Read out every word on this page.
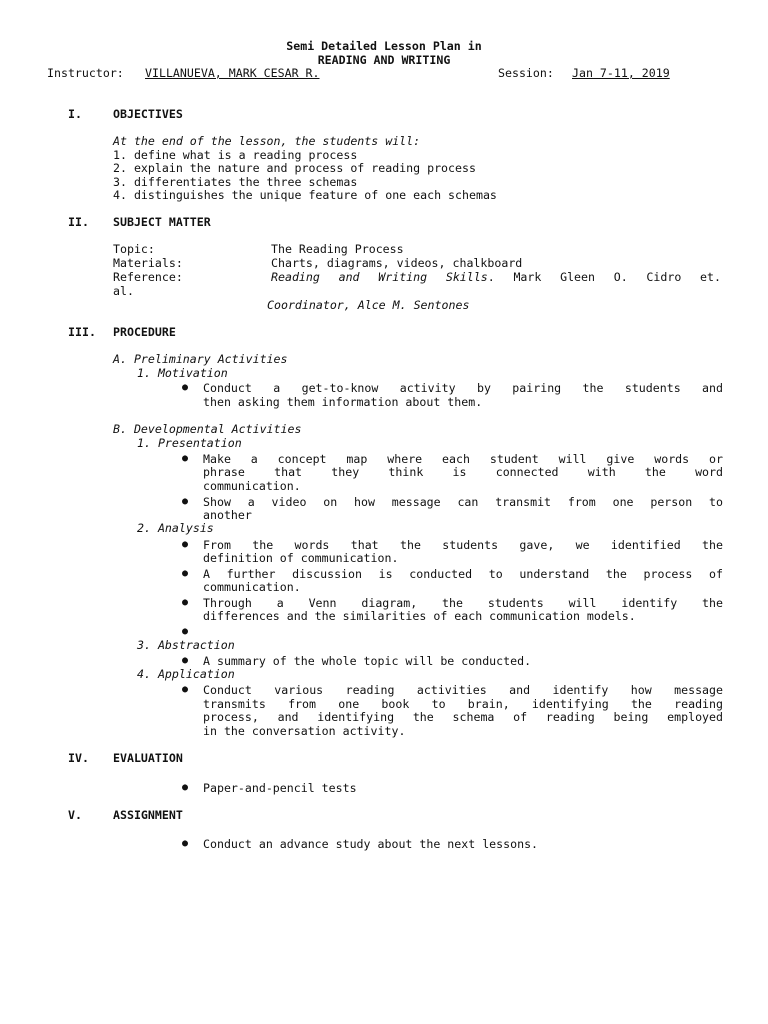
Semi Detailed Lesson Plan in
READING AND WRITING
Instructor: VILLANUEVA, MARK CESAR R.	Session: Jan 7-11, 2019
I.	OBJECTIVES
At the end of the lesson, the students will:
1. define what is a reading process
2. explain the nature and process of reading process
3. differentiates the three schemas
4. distinguishes the unique feature of one each schemas
II. SUBJECT MATTER
Topic:	The Reading Process
Materials:	Charts, diagrams, videos, chalkboard
Reference:	Reading and Writing Skills. Mark Gleen O. Cidro et.
al.
Coordinator, Alce M. Sentones
III. PROCEDURE
A. Preliminary Activities
1. Motivation
● Conduct a get-to-know activity by pairing the students and
then asking them information about them.
B. Developmental Activities
1. Presentation
● Make a concept map where each student will give words or
phrase that they think is connected with the word
communication.
● Show a video on how message can transmit from one person to
another
2. Analysis
● From the words that the students gave, we identified the
definition of communication.
● A further discussion is conducted to understand the process of
communication.
● Through a Venn diagram, the students will identify the
differences and the similarities of each communication models.
●
3. Abstraction
● A summary of the whole topic will be conducted.
4. Application
● Conduct various reading activities and identify how message
transmits from one book to brain, identifying the reading
process, and identifying the schema of reading being employed
in the conversation activity.
IV. EVALUATION
● Paper-and-pencil tests
V.	ASSIGNMENT
● Conduct an advance study about the next lessons.
